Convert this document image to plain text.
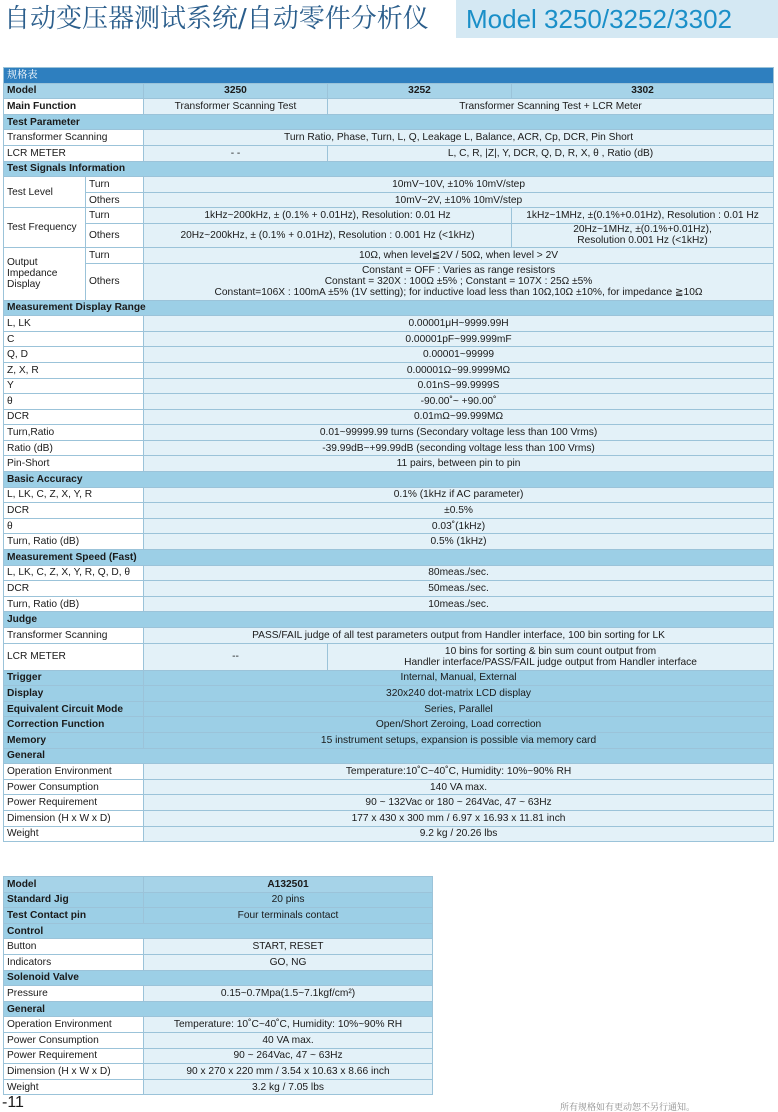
自动变压器测试系统/自动零件分析仪	Model 3250/3252/3302
规格表				
Model		3250	3252	3302
Main Function		Transformer Scanning Test	Transformer Scanning Test + LCR Meter	
Test Parameter				
Transformer Scanning		Turn Ratio, Phase, Turn, L, Q, Leakage L, Balance, ACR, Cp, DCR, Pin Short		
LCR METER		- -	L, C, R, |Z|, Y, DCR, Q, D, R, X, θ , Ratio (dB)	
Test Signals Information				
Test Level	Turn	10mV~10V, ±10% 10mV/step		
	Others	10mV~2V, ±10% 10mV/step		
Test Frequency	Turn	1kHz~200kHz, ± (0.1% + 0.01Hz), Resolution: 0.01 Hz		1kHz~1MHz, ±(0.1%+0.01Hz), Resolution : 0.01 Hz
	Others	20Hz~200kHz, ± (0.1% + 0.01Hz), Resolution : 0.001 Hz (<1kHz)		20Hz~1MHz, ±(0.1%+0.01Hz),
Resolution 0.001 Hz (<1kHz)

Output Impedance Display	Turn	10Ω, when level≦2V / 50Ω, when level > 2V		
	Others	Constant = OFF : Varies as range resistors
Constant = 320X : 100Ω ±5% ; Constant = 107X : 25Ω ±5%
Constant=106X : 100mA ±5% (1V setting); for inductive load less than 10Ω,10Ω ±10%, for impedance ≧10Ω		

Measurement Display Range				
L, LK		0.00001μH~9999.99H		
C		0.00001pF~999.999mF		
Q, D		0.00001~99999		
Z, X, R		0.00001Ω~99.9999MΩ		
Y		0.01nS~99.9999S		
θ		-90.00˚~ +90.00˚		
DCR		0.01mΩ~99.999MΩ		
Turn,Ratio		0.01~99999.99 turns (Secondary voltage less than 100 Vrms)		
Ratio (dB)		-39.99dB~+99.99dB (seconding voltage less than 100 Vrms)		
Pin-Short		11 pairs, between pin to pin		
Basic Accuracy				
L, LK, C, Z, X, Y, R		0.1% (1kHz if AC parameter)		
DCR		±0.5%		
θ		0.03˚(1kHz)		
Turn, Ratio (dB)		0.5% (1kHz)		
Measurement Speed (Fast)				
L, LK, C, Z, X, Y, R, Q, D, θ		80meas./sec.		
DCR		50meas./sec.		
Turn, Ratio (dB)		10meas./sec.		
Judge				
Transformer Scanning		PASS/FAIL judge of all test parameters output from Handler interface, 100 bin sorting for LK		
LCR METER		--	10 bins for sorting & bin sum count output from
Handler interface/PASS/FAIL judge output from Handler interface	

Trigger		Internal, Manual, External		
Display		320x240 dot-matrix LCD display		
Equivalent Circuit Mode		Series, Parallel		
Correction Function		Open/Short Zeroing, Load correction		
Memory		15 instrument setups, expansion is possible via memory card		
General				
Operation Environment		Temperature:10˚C~40˚C, Humidity: 10%~90% RH		
Power Consumption		140 VA max.		
Power Requirement		90 ~ 132Vac or 180 ~ 264Vac, 47 ~ 63Hz		
Dimension (H x W x D)		177 x 430 x 300 mm / 6.97 x 16.93 x 11.81 inch		
Weight		9.2 kg / 20.26 lbs		
Model	A132501
Standard Jig	20 pins
Test Contact pin	Four terminals contact
Control	
Button	START, RESET
Indicators	GO, NG
Solenoid Valve	
Pressure	0.15~0.7Mpa(1.5~7.1kgf/cm²)
General	
Operation Environment	Temperature: 10˚C~40˚C, Humidity: 10%~90% RH
Power Consumption	40 VA max.
Power Requirement	90 ~ 264Vac, 47 ~ 63Hz
Dimension (H x W x D)	90 x 270 x 220 mm / 3.54 x 10.63 x 8.66 inch
Weight	3.2 kg / 7.05 lbs
-11	所有规格如有更动恕不另行通知。
